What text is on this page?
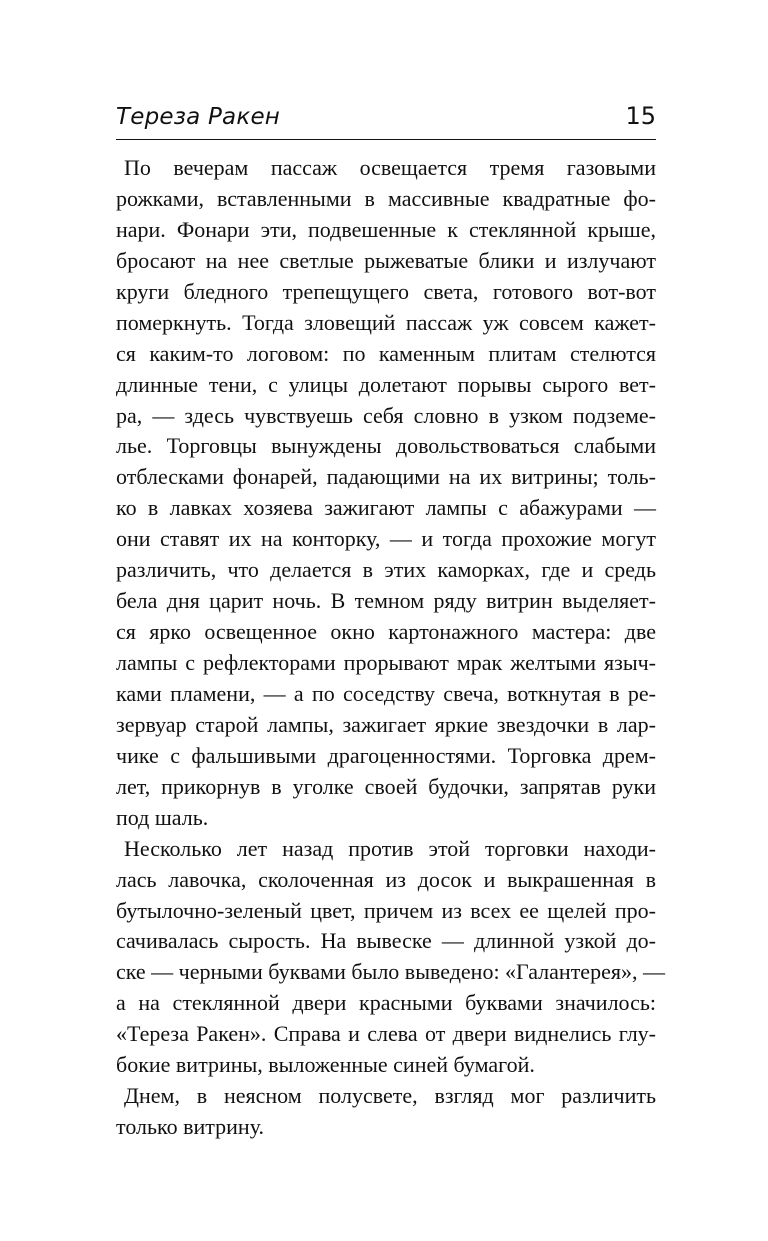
Тереза Ракен	15
По вечерам пассаж освещается тремя газовыми
рожками, вставленными в массивные квадратные фо-
нари. Фонари эти, подвешенные к стеклянной крыше,
бросают на нее светлые рыжеватые блики и излучают
круги бледного трепещущего света, готового вот-вот
померкнуть. Тогда зловещий пассаж уж совсем кажет-
ся каким-то логовом: по каменным плитам стелются
длинные тени, с улицы долетают порывы сырого вет-
ра, — здесь чувствуешь себя словно в узком подземе-
лье. Торговцы вынуждены довольствоваться слабыми
отблесками фонарей, падающими на их витрины; толь-
ко в лавках хозяева зажигают лампы с абажурами —
они ставят их на конторку, — и тогда прохожие могут
различить, что делается в этих каморках, где и средь
бела дня царит ночь. В темном ряду витрин выделяет-
ся ярко освещенное окно картонажного мастера: две
лампы с рефлекторами прорывают мрак желтыми языч-
ками пламени, — а по соседству свеча, воткнутая в ре-
зервуар старой лампы, зажигает яркие звездочки в лар-
чике с фальшивыми драгоценностями. Торговка дрем-
лет, прикорнув в уголке своей будочки, запрятав руки
под шаль.
Несколько лет назад против этой торговки находи-
лась лавочка, сколоченная из досок и выкрашенная в
бутылочно-зеленый цвет, причем из всех ее щелей про-
сачивалась сырость. На вывеске — длинной узкой до-
ске — черными буквами было выведено: «Галантерея», —
а на стеклянной двери красными буквами значилось:
«Тереза Ракен». Справа и слева от двери виднелись глу-
бокие витрины, выложенные синей бумагой.
Днем, в неясном полусвете, взгляд мог различить
только витрину.
